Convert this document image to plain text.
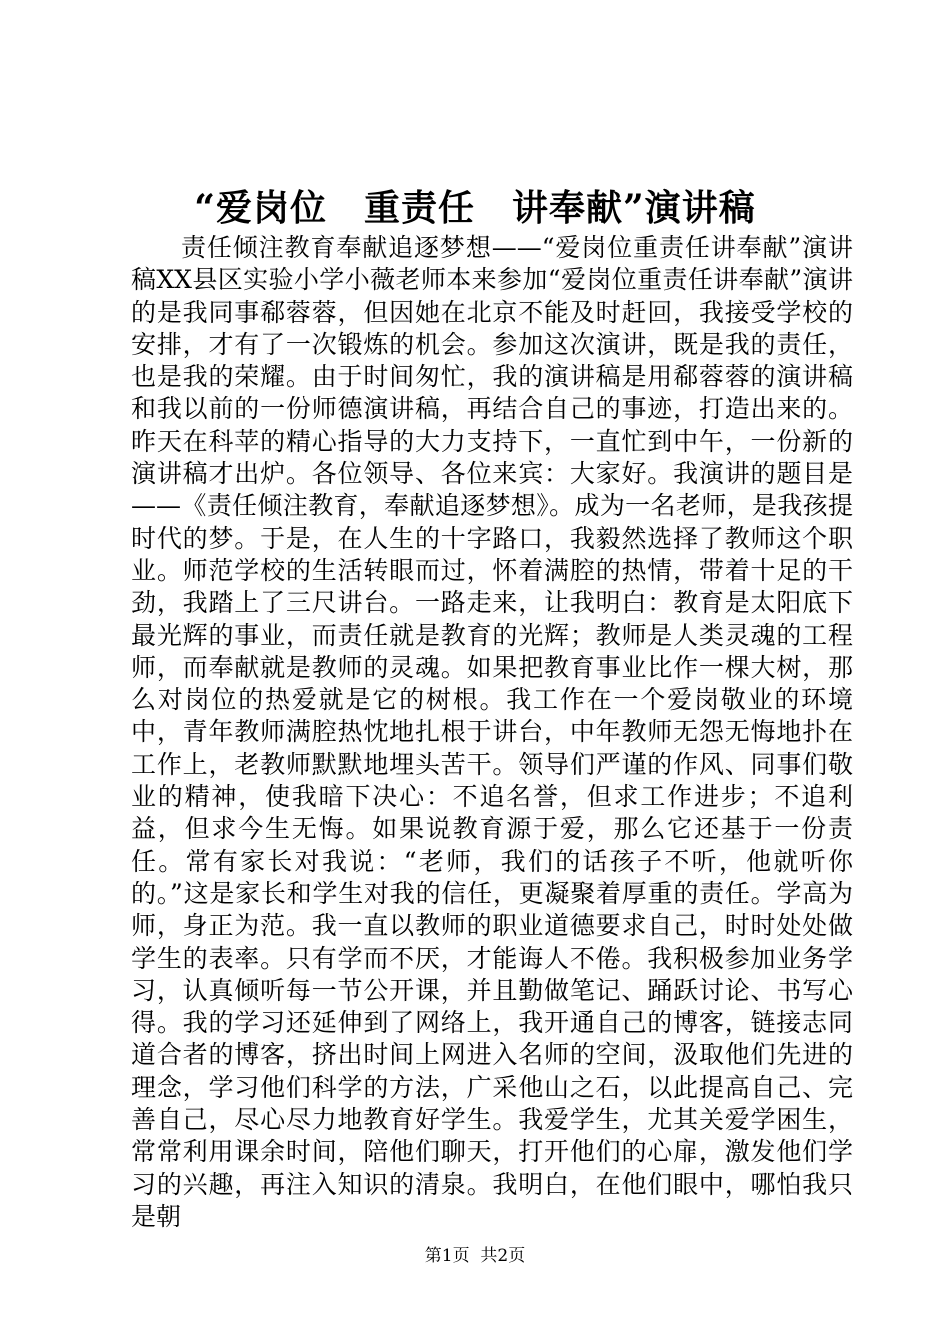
“爱岗位　重责任　讲奉献”演讲稿

责任倾注教育奉献追逐梦想——“爱岗位重责任讲奉献”演讲稿XX县区实验小学小薇老师本来参加“爱岗位重责任讲奉献”演讲的是我同事郗蓉蓉，但因她在北京不能及时赶回，我接受学校的安排，才有了一次锻炼的机会。参加这次演讲，既是我的责任，也是我的荣耀。由于时间匆忙，我的演讲稿是用郗蓉蓉的演讲稿和我以前的一份师德演讲稿，再结合自己的事迹，打造出来的。昨天在科苹的精心指导的大力支持下，一直忙到中午，一份新的演讲稿才出炉。各位领导、各位来宾：大家好。我演讲的题目是——《责任倾注教育，奉献追逐梦想》。成为一名老师，是我孩提时代的梦。于是，在人生的十字路口，我毅然选择了教师这个职业。师范学校的生活转眼而过，怀着满腔的热情，带着十足的干劲，我踏上了三尺讲台。一路走来，让我明白：教育是太阳底下最光辉的事业，而责任就是教育的光辉；教师是人类灵魂的工程师，而奉献就是教师的灵魂。如果把教育事业比作一棵大树，那么对岗位的热爱就是它的树根。我工作在一个爱岗敬业的环境中，青年教师满腔热忱地扎根于讲台，中年教师无怨无悔地扑在工作上，老教师默默地埋头苦干。领导们严谨的作风、同事们敬业的精神，使我暗下决心：不追名誉，但求工作进步；不追利益，但求今生无悔。如果说教育源于爱，那么它还基于一份责任。常有家长对我说：“老师，我们的话孩子不听，他就听你的。”这是家长和学生对我的信任，更凝聚着厚重的责任。学高为师，身正为范。我一直以教师的职业道德要求自己，时时处处做学生的表率。只有学而不厌，才能诲人不倦。我积极参加业务学习，认真倾听每一节公开课，并且勤做笔记、踊跃讨论、书写心得。我的学习还延伸到了网络上，我开通自己的博客，链接志同道合者的博客，挤出时间上网进入名师的空间，汲取他们先进的理念，学习他们科学的方法，广采他山之石，以此提高自己、完善自己，尽心尽力地教育好学生。我爱学生，尤其关爱学困生，常常利用课余时间，陪他们聊天，打开他们的心扉，激发他们学习的兴趣，再注入知识的清泉。我明白，在他们眼中，哪怕我只是朝

第1页  共2页
